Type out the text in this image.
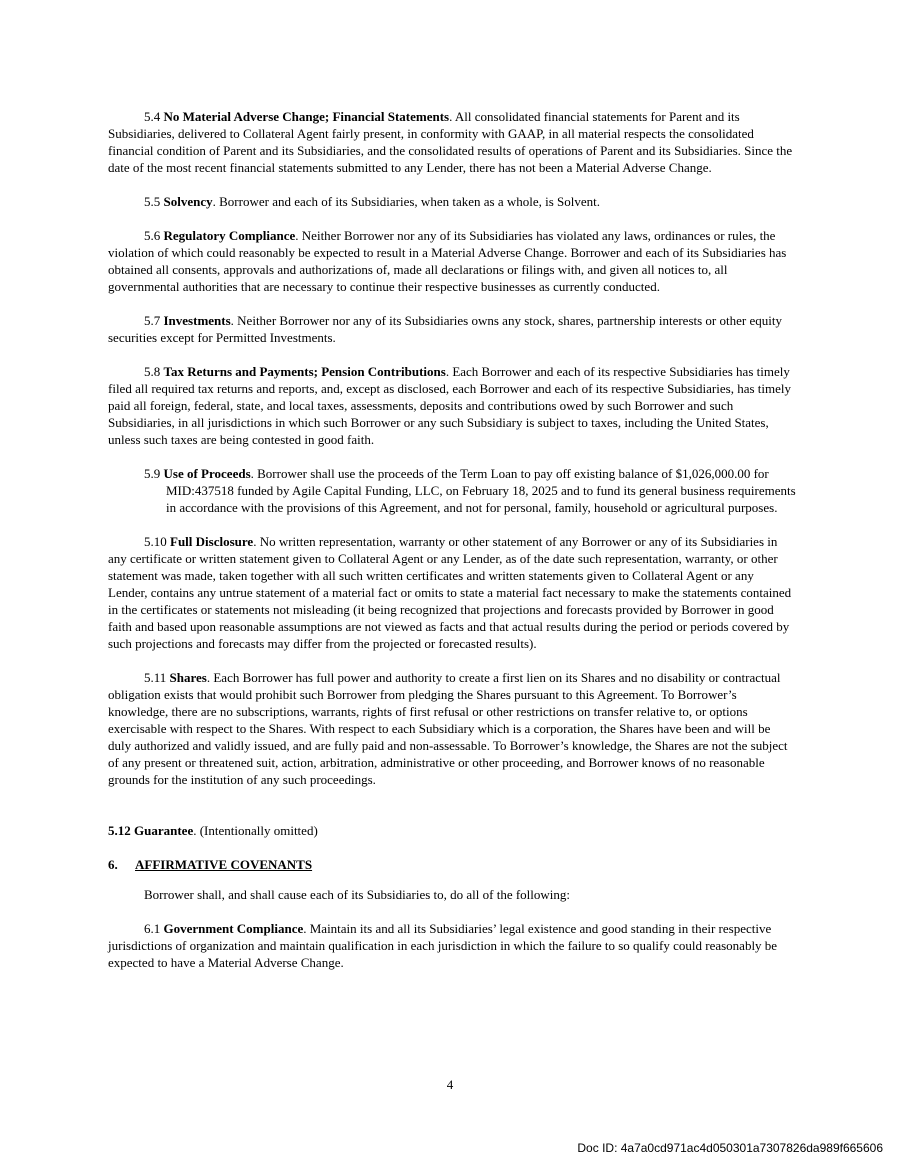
5.4 No Material Adverse Change; Financial Statements. All consolidated financial statements for Parent and its Subsidiaries, delivered to Collateral Agent fairly present, in conformity with GAAP, in all material respects the consolidated financial condition of Parent and its Subsidiaries, and the consolidated results of operations of Parent and its Subsidiaries. Since the date of the most recent financial statements submitted to any Lender, there has not been a Material Adverse Change.

5.5 Solvency. Borrower and each of its Subsidiaries, when taken as a whole, is Solvent.

5.6 Regulatory Compliance. Neither Borrower nor any of its Subsidiaries has violated any laws, ordinances or rules, the violation of which could reasonably be expected to result in a Material Adverse Change. Borrower and each of its Subsidiaries has obtained all consents, approvals and authorizations of, made all declarations or filings with, and given all notices to, all governmental authorities that are necessary to continue their respective businesses as currently conducted.

5.7 Investments. Neither Borrower nor any of its Subsidiaries owns any stock, shares, partnership interests or other equity securities except for Permitted Investments.

5.8 Tax Returns and Payments; Pension Contributions. Each Borrower and each of its respective Subsidiaries has timely filed all required tax returns and reports, and, except as disclosed, each Borrower and each of its respective Subsidiaries, has timely paid all foreign, federal, state, and local taxes, assessments, deposits and contributions owed by such Borrower and such Subsidiaries, in all jurisdictions in which such Borrower or any such Subsidiary is subject to taxes, including the United States, unless such taxes are being contested in good faith.

5.9 Use of Proceeds. Borrower shall use the proceeds of the Term Loan to pay off existing balance of $1,026,000.00 for MID:437518 funded by Agile Capital Funding, LLC, on February 18, 2025 and to fund its general business requirements in accordance with the provisions of this Agreement, and not for personal, family, household or agricultural purposes.

5.10 Full Disclosure. No written representation, warranty or other statement of any Borrower or any of its Subsidiaries in any certificate or written statement given to Collateral Agent or any Lender, as of the date such representation, warranty, or other statement was made, taken together with all such written certificates and written statements given to Collateral Agent or any Lender, contains any untrue statement of a material fact or omits to state a material fact necessary to make the statements contained in the certificates or statements not misleading (it being recognized that projections and forecasts provided by Borrower in good faith and based upon reasonable assumptions are not viewed as facts and that actual results during the period or periods covered by such projections and forecasts may differ from the projected or forecasted results).

5.11 Shares. Each Borrower has full power and authority to create a first lien on its Shares and no disability or contractual obligation exists that would prohibit such Borrower from pledging the Shares pursuant to this Agreement. To Borrower’s knowledge, there are no subscriptions, warrants, rights of first refusal or other restrictions on transfer relative to, or options exercisable with respect to the Shares. With respect to each Subsidiary which is a corporation, the Shares have been and will be duly authorized and validly issued, and are fully paid and non-assessable. To Borrower’s knowledge, the Shares are not the subject of any present or threatened suit, action, arbitration, administrative or other proceeding, and Borrower knows of no reasonable grounds for the institution of any such proceedings.

5.12 Guarantee. (Intentionally omitted)

6. AFFIRMATIVE COVENANTS

Borrower shall, and shall cause each of its Subsidiaries to, do all of the following:

6.1 Government Compliance. Maintain its and all its Subsidiaries’ legal existence and good standing in their respective jurisdictions of organization and maintain qualification in each jurisdiction in which the failure to so qualify could reasonably be expected to have a Material Adverse Change.

4
Doc ID: 4a7a0cd971ac4d050301a7307826da989f665606
